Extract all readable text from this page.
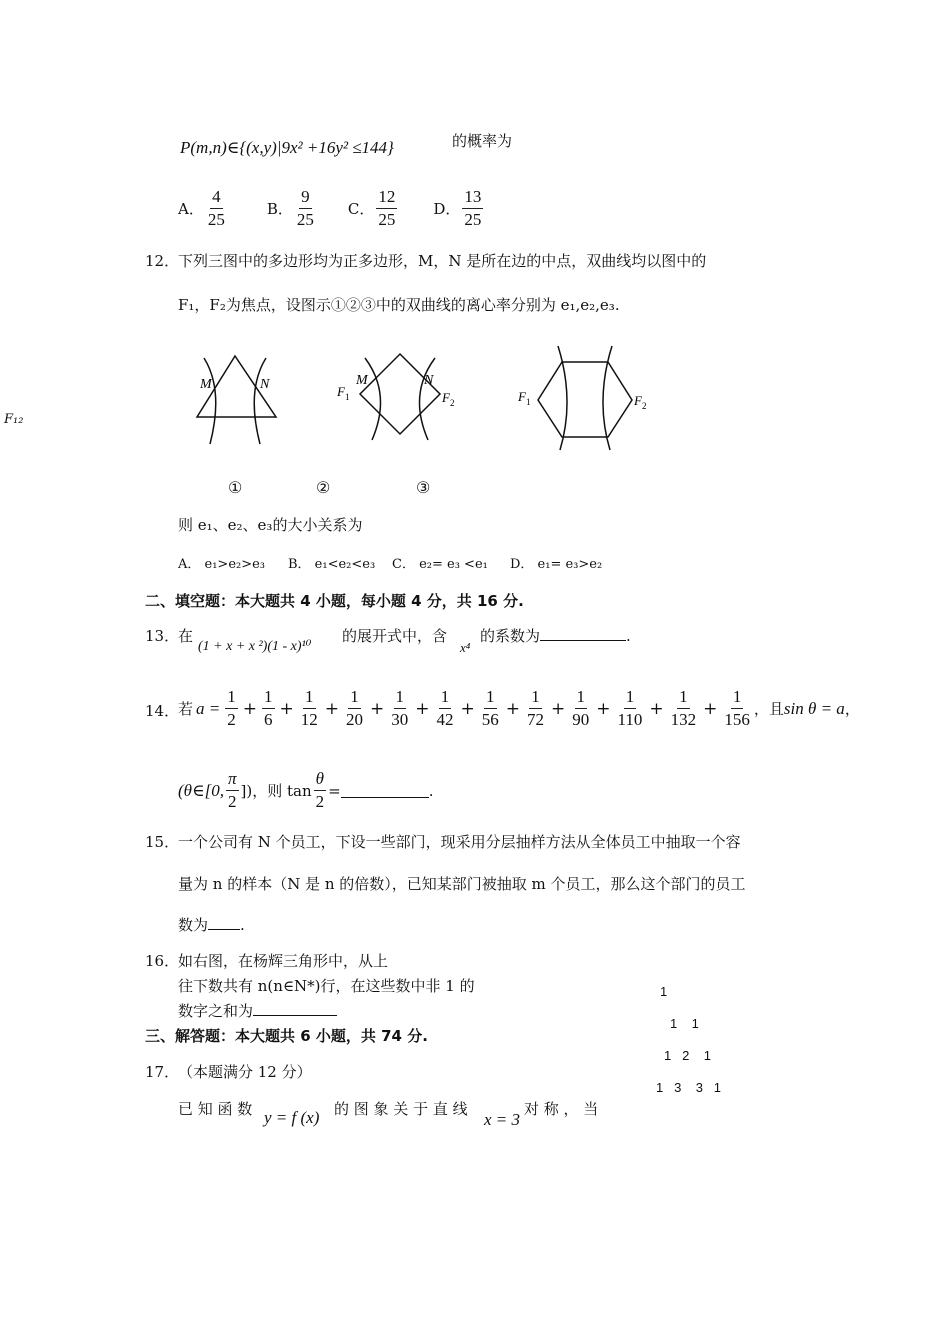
P(m,n)∈{(x,y)|9x² +16y² ≤144}	的概率为
A． $\frac{4}{25}$	B． $\frac{9}{25}$ C． $\frac{12}{25}$ D． $\frac{13}{25}$
12．
下列三图中的多边形均为正多边形，M，N 是所在边的中点，双曲线均以图中的
F₁，F₂为焦点，设图示①②③中的双曲线的离心率分别为 e₁,e₂,e₃.
F₁₂
M	N	M	N
$F_1$	$F_2$	$F_1$	$F_2$
①	②	③
则 e₁、e₂、e₃的大小关系为
A． e₁>e₂>e₃ B． e₁<e₂<e₃ C． e₂= e₃ <e₁ D． e₁= e₃>e₂
二、填空题：本大题共 4 小题，每小题 4 分，共 16 分.
13．
在
(1 + x + x ²)(1 - x)¹⁰
的展开式中，含
x⁴
的系数为	.
14．
若 $a = \frac{1}{2} + \frac{1}{6} + \frac{1}{12} + \frac{1}{20} + \frac{1}{30} + \frac{1}{42} + \frac{1}{56} + \frac{1}{72} + \frac{1}{90} + \frac{1}{110} + \frac{1}{132} + \frac{1}{156}$ ，且 sin θ = a ，
(θ∈[0, $\frac{\pi}{2}$ ])，则 $\tan \frac{\theta}{2}$ =	.
15．
一个公司有 N 个员工，下设一些部门，现采用分层抽样方法从全体员工中抽取一个容
量为 n 的样本（N 是 n 的倍数），已知某部门被抽取 m 个员工，那么这个部门的员工
数为 .
16．
如右图，在杨辉三角形中，从上
往下数共有 n(n∈N*)行，在这些数中非 1 的
数字之和为
1
1    1
1   2    1
1   3    3   1
三、解答题：本大题共 6 小题，共 74 分.
17．
（本题满分 12 分）
已 知 函 数 y = f (x) 的 图 象 关 于 直 线
x = 3
对 称 ， 当
